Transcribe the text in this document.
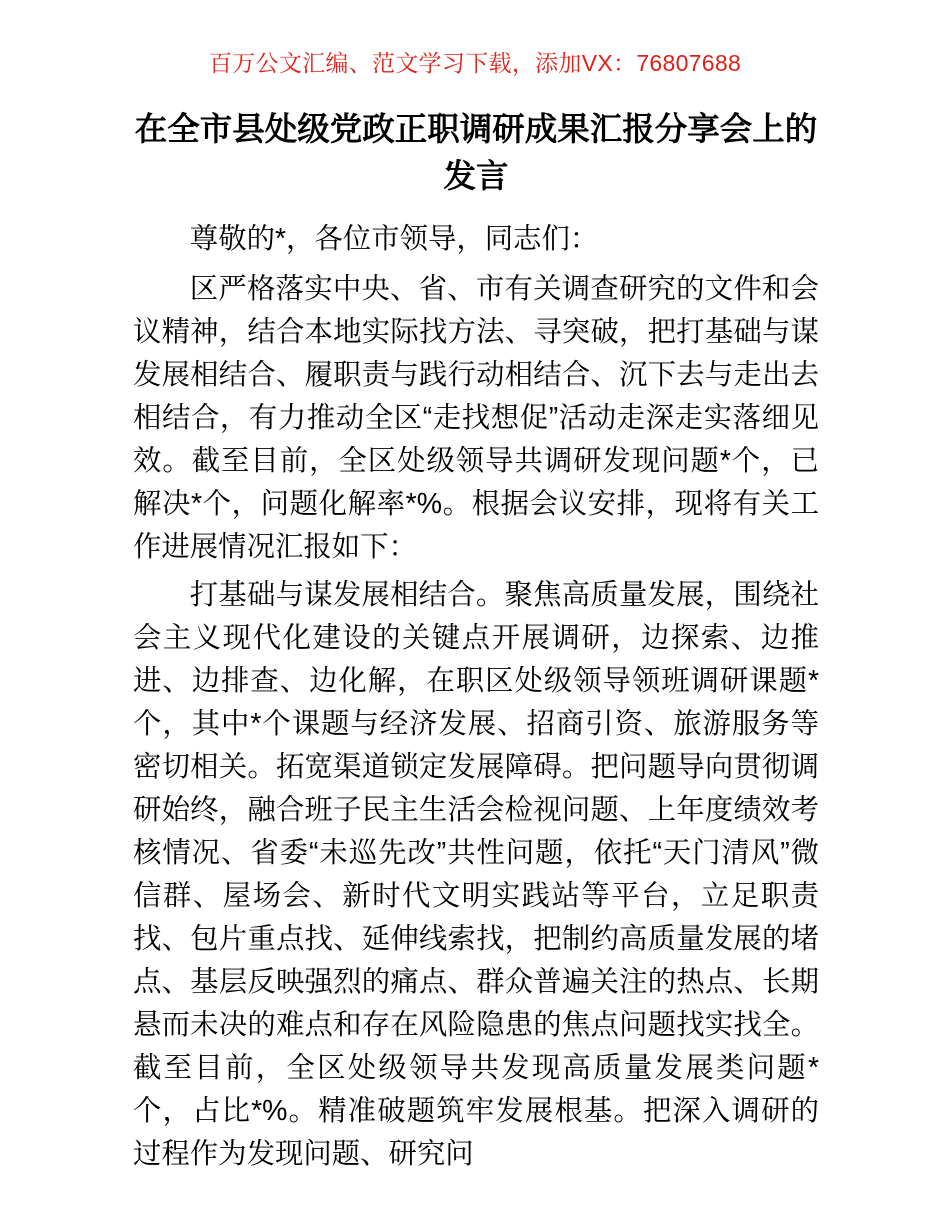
百万公文汇编、范文学习下载，添加VX：76807688
在全市县处级党政正职调研成果汇报分享会上的发言

尊敬的*，各位市领导，同志们：

区严格落实中央、省、市有关调查研究的文件和会议精神，结合本地实际找方法、寻突破，把打基础与谋发展相结合、履职责与践行动相结合、沉下去与走出去相结合，有力推动全区“走找想促”活动走深走实落细见效。截至目前，全区处级领导共调研发现问题*个，已解决*个，问题化解率*%。根据会议安排，现将有关工作进展情况汇报如下：

打基础与谋发展相结合。聚焦高质量发展，围绕社会主义现代化建设的关键点开展调研，边探索、边推进、边排查、边化解，在职区处级领导领班调研课题*个，其中*个课题与经济发展、招商引资、旅游服务等密切相关。拓宽渠道锁定发展障碍。把问题导向贯彻调研始终，融合班子民主生活会检视问题、上年度绩效考核情况、省委“未巡先改”共性问题，依托“天门清风”微信群、屋场会、新时代文明实践站等平台，立足职责找、包片重点找、延伸线索找，把制约高质量发展的堵点、基层反映强烈的痛点、群众普遍关注的热点、长期悬而未决的难点和存在风险隐患的焦点问题找实找全。截至目前，全区处级领导共发现高质量发展类问题*个，占比*%。精准破题筑牢发展根基。把深入调研的过程作为发现问题、研究问
